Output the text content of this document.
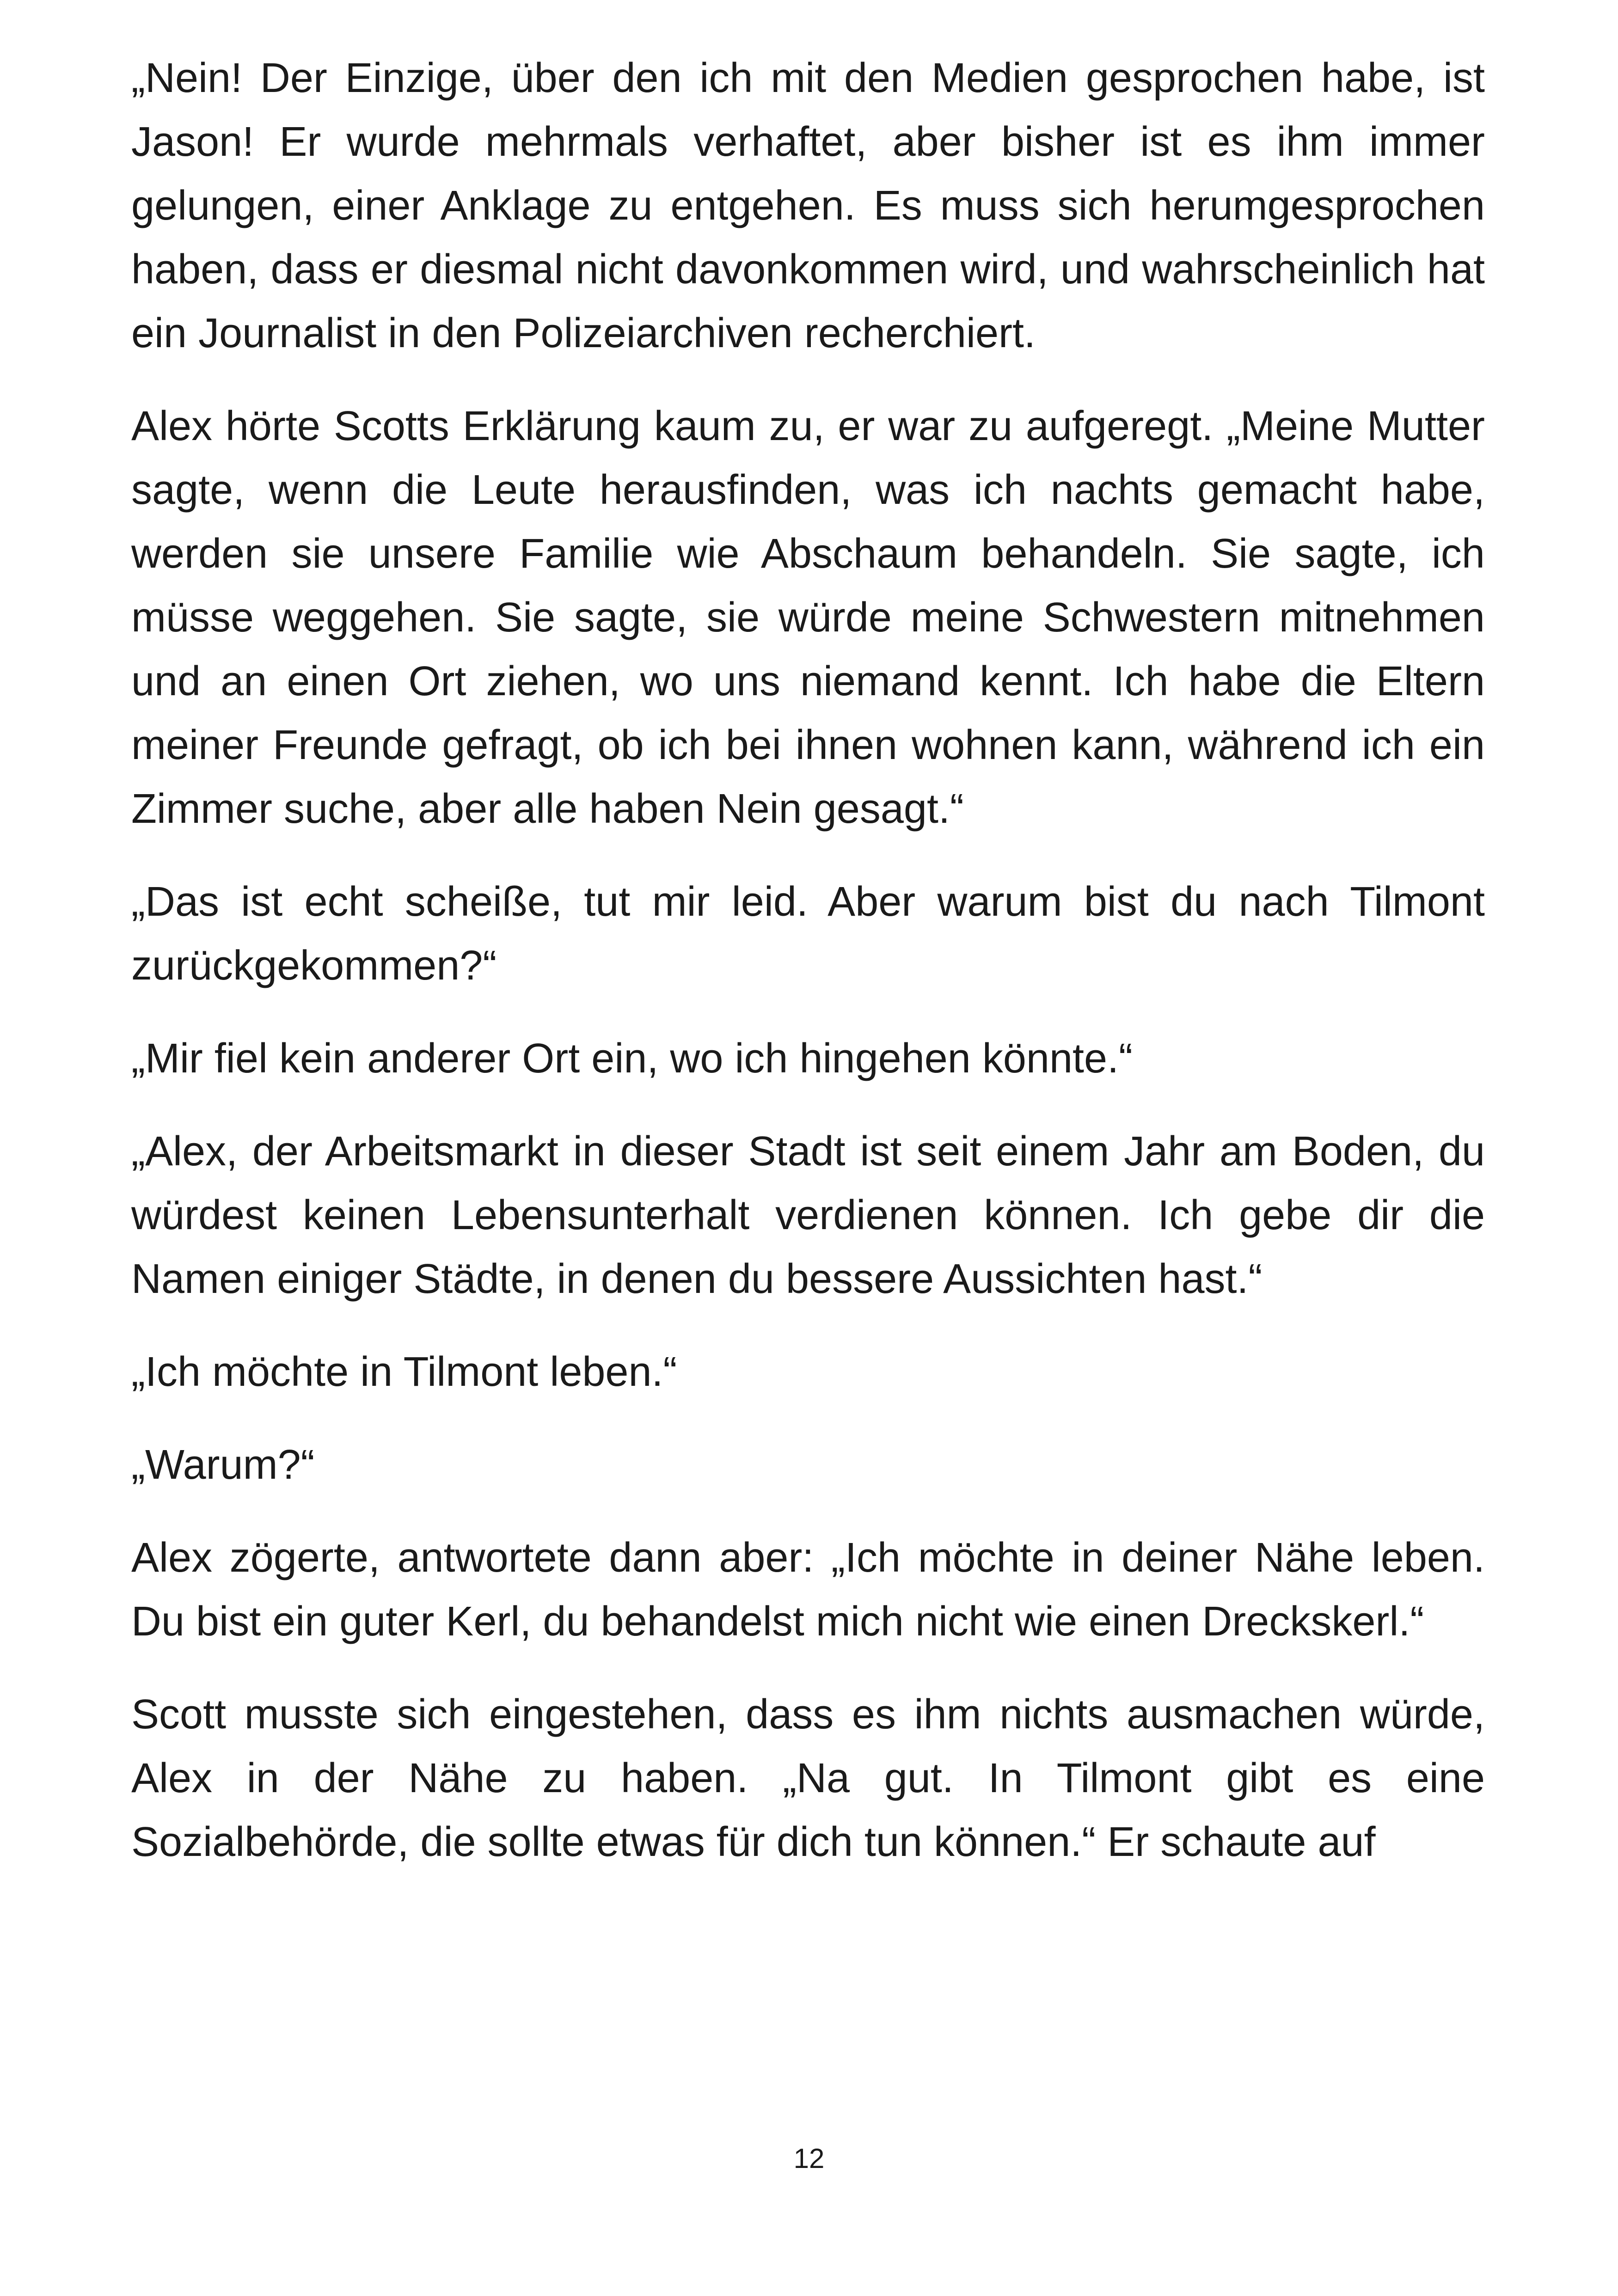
„Nein! Der Einzige, über den ich mit den Medien gesprochen habe, ist Jason! Er wurde mehrmals verhaftet, aber bisher ist es ihm immer gelungen, einer Anklage zu entgehen. Es muss sich herumgesprochen haben, dass er diesmal nicht davonkommen wird, und wahrscheinlich hat ein Journalist in den Polizeiarchiven recherchiert.

Alex hörte Scotts Erklärung kaum zu, er war zu aufgeregt. „Meine Mutter sagte, wenn die Leute herausfinden, was ich nachts gemacht habe, werden sie unsere Familie wie Abschaum behandeln. Sie sagte, ich müsse weggehen. Sie sagte, sie würde meine Schwestern mitnehmen und an einen Ort ziehen, wo uns niemand kennt. Ich habe die Eltern meiner Freunde gefragt, ob ich bei ihnen wohnen kann, während ich ein Zimmer suche, aber alle haben Nein gesagt.“

„Das ist echt scheiße, tut mir leid. Aber warum bist du nach Tilmont zurückgekommen?“

„Mir fiel kein anderer Ort ein, wo ich hingehen könnte.“

„Alex, der Arbeitsmarkt in dieser Stadt ist seit einem Jahr am Boden, du würdest keinen Lebensunterhalt verdienen können. Ich gebe dir die Namen einiger Städte, in denen du bessere Aussichten hast.“

„Ich möchte in Tilmont leben.“

„Warum?“

Alex zögerte, antwortete dann aber: „Ich möchte in deiner Nähe leben. Du bist ein guter Kerl, du behandelst mich nicht wie einen Dreckskerl.“

Scott musste sich eingestehen, dass es ihm nichts ausmachen würde, Alex in der Nähe zu haben. „Na gut. In Tilmont gibt es eine Sozialbehörde, die sollte etwas für dich tun können.“ Er schaute auf

12
